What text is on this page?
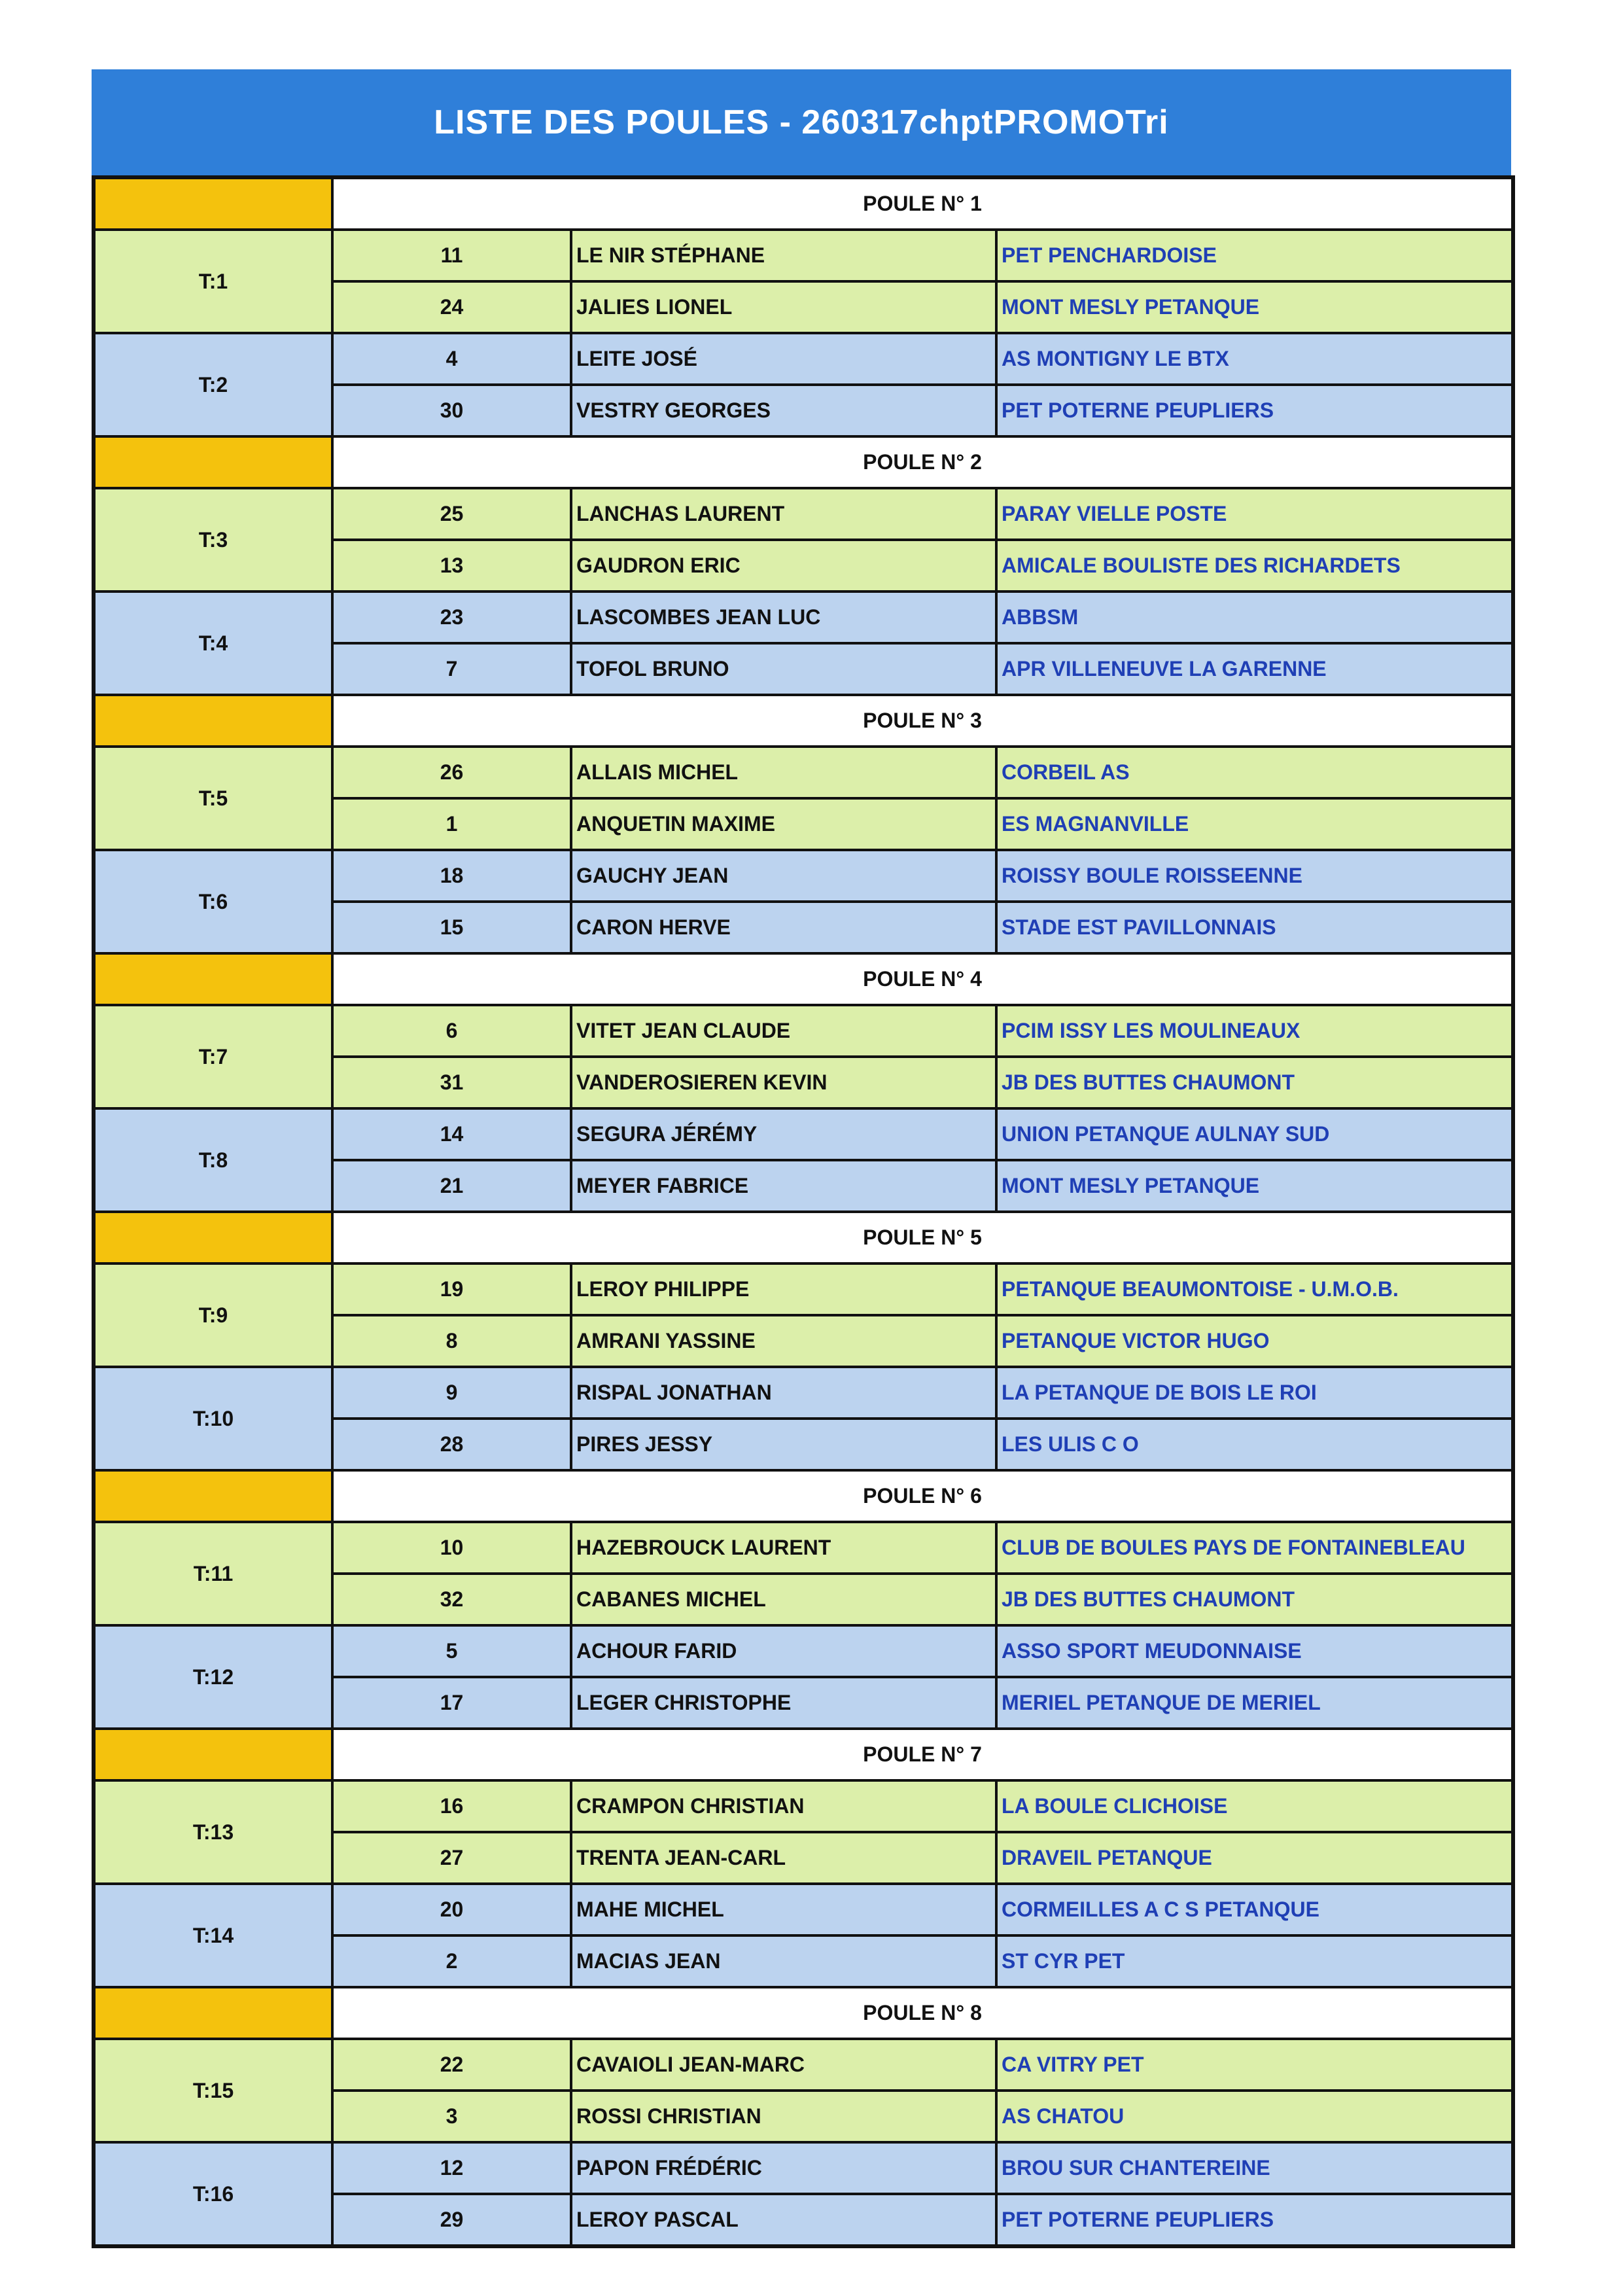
LISTE DES POULES - 260317chptPROMOTri
	POULE N° 1		
T:1	11	LE NIR STÉPHANE	PET PENCHARDOISE
	24	JALIES LIONEL	MONT MESLY PETANQUE
T:2	4	LEITE JOSÉ	AS MONTIGNY LE BTX
	30	VESTRY GEORGES	PET POTERNE PEUPLIERS
	POULE N° 2		
T:3	25	LANCHAS LAURENT	PARAY VIELLE POSTE
	13	GAUDRON ERIC	AMICALE BOULISTE DES RICHARDETS
T:4	23	LASCOMBES JEAN LUC	ABBSM
	7	TOFOL BRUNO	APR VILLENEUVE LA GARENNE
	POULE N° 3		
T:5	26	ALLAIS MICHEL	CORBEIL AS
	1	ANQUETIN MAXIME	ES MAGNANVILLE
T:6	18	GAUCHY JEAN	ROISSY BOULE ROISSEENNE
	15	CARON HERVE	STADE EST PAVILLONNAIS
	POULE N° 4		
T:7	6	VITET JEAN CLAUDE	PCIM ISSY LES MOULINEAUX
	31	VANDEROSIEREN KEVIN	JB DES BUTTES CHAUMONT
T:8	14	SEGURA JÉRÉMY	UNION PETANQUE AULNAY SUD
	21	MEYER FABRICE	MONT MESLY PETANQUE
	POULE N° 5		
T:9	19	LEROY PHILIPPE	PETANQUE BEAUMONTOISE - U.M.O.B.
	8	AMRANI YASSINE	PETANQUE VICTOR HUGO
T:10	9	RISPAL JONATHAN	LA PETANQUE DE BOIS LE ROI
	28	PIRES JESSY	LES ULIS C O
	POULE N° 6		
T:11	10	HAZEBROUCK LAURENT	CLUB DE BOULES PAYS DE FONTAINEBLEAU
	32	CABANES MICHEL	JB DES BUTTES CHAUMONT
T:12	5	ACHOUR FARID	ASSO SPORT MEUDONNAISE
	17	LEGER CHRISTOPHE	MERIEL PETANQUE DE MERIEL
	POULE N° 7		
T:13	16	CRAMPON CHRISTIAN	LA BOULE CLICHOISE
	27	TRENTA JEAN-CARL	DRAVEIL PETANQUE
T:14	20	MAHE MICHEL	CORMEILLES A C S PETANQUE
	2	MACIAS JEAN	ST CYR PET
	POULE N° 8		
T:15	22	CAVAIOLI JEAN-MARC	CA VITRY PET
	3	ROSSI CHRISTIAN	AS CHATOU
T:16	12	PAPON FRÉDÉRIC	BROU SUR CHANTEREINE
	29	LEROY PASCAL	PET POTERNE PEUPLIERS
